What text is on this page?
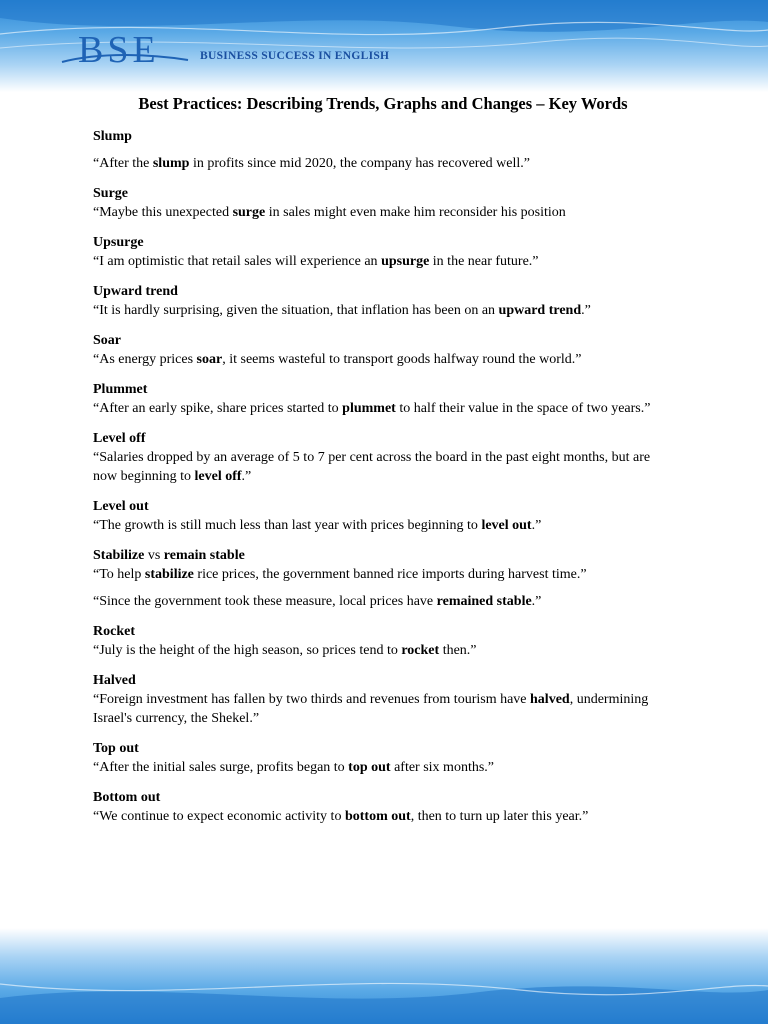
BSE	BUSINESS SUCCESS IN ENGLISH
Best Practices: Describing Trends, Graphs and Changes – Key Words
Slump
“After the slump in profits since mid 2020, the company has recovered well.”
Surge
“Maybe this unexpected surge in sales might even make him reconsider his position
Upsurge
“I am optimistic that retail sales will experience an upsurge in the near future.”
Upward trend
“It is hardly surprising, given the situation, that inflation has been on an upward trend.”
Soar
“As energy prices soar, it seems wasteful to transport goods halfway round the world.”
Plummet
“After an early spike, share prices started to plummet to half their value in the space of two years.”
Level off
“Salaries dropped by an average of 5 to 7 per cent across the board in the past eight months, but are now beginning to level off.”
Level out
“The growth is still much less than last year with prices beginning to level out.”
Stabilize vs remain stable
“To help stabilize rice prices, the government banned rice imports during harvest time.”
“Since the government took these measure, local prices have remained stable.”
Rocket
“July is the height of the high season, so prices tend to rocket then.”
Halved
“Foreign investment has fallen by two thirds and revenues from tourism have halved, undermining Israel's currency, the Shekel.”
Top out
“After the initial sales surge, profits began to top out after six months.”
Bottom out
“We continue to expect economic activity to bottom out, then to turn up later this year.”
